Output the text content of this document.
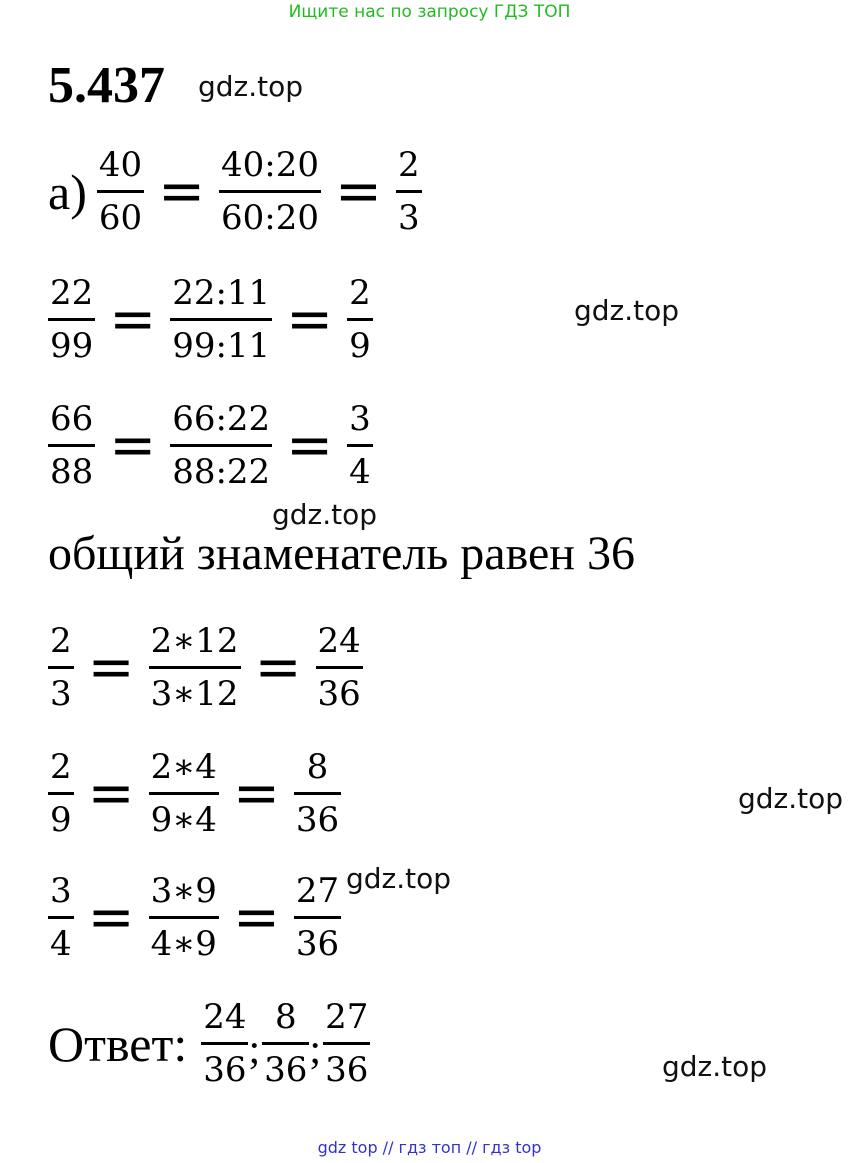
Ищите нас по запросу ГДЗ ТОП
5.437 gdz.top
$а) \frac{40}{60} = \frac{40:20}{60:20} = \frac{2}{3}$
$\frac{22}{99} = \frac{22:11}{99:11} = \frac{2}{9}$	gdz.top
$\frac{66}{88} = \frac{66:22}{88:22} = \frac{3}{4}$
gdz.top
общий знаменатель равен 36
$\frac{2}{3} = \frac{2∗12}{3∗12} = \frac{24}{36}$
$\frac{2}{9} = \frac{2∗4}{9∗4} = \frac{8}{36}$	gdz.top
$\frac{3}{4} = \frac{3∗9}{4∗9} = \frac{27}{36} gdz.top$
Ответ: $\frac{24}{36}$ ; $\frac{8}{36}$ ; $\frac{27}{36}$	gdz.top
gdz top // гдз топ // гдз top
